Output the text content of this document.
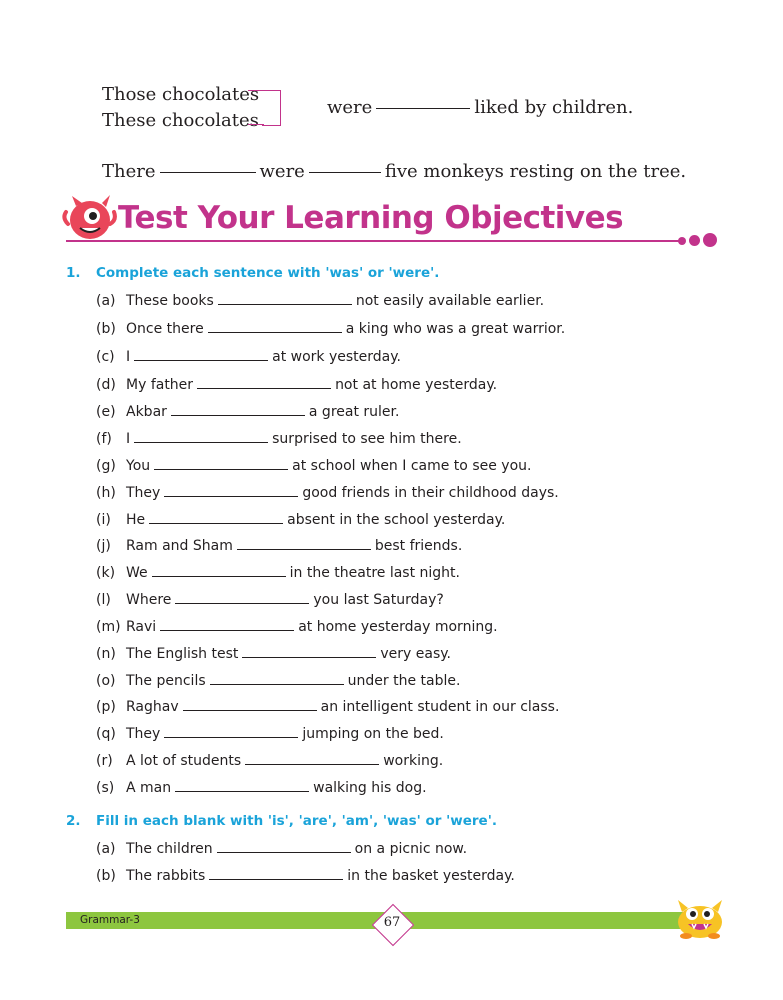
Those chocolates
These chocolates
were	liked by children.
There	were	five monkeys resting on the tree.
Test Your Learning Objectives
1. Complete each sentence with 'was' or 'were'.
(a) These books	not easily available earlier.
(b) Once there	a king who was a great warrior.
(c) I	at work yesterday.
(d) My father	not at home yesterday.
(e) Akbar	a great ruler.
(f) I	surprised to see him there.
(g) You	at school when I came to see you.
(h) They	good friends in their childhood days.
(i) He	absent in the school yesterday.
(j) Ram and Sham	best friends.
(k) We	in the theatre last night.
(l) Where	you last Saturday?
(m) Ravi	at home yesterday morning.
(n) The English test	very easy.
(o) The pencils	under the table.
(p) Raghav	an intelligent student in our class.
(q) They	jumping on the bed.
(r) A lot of students	working.
(s) A man	walking his dog.
2. Fill in each blank with 'is', 'are', 'am', 'was' or 'were'.
(a) The children	on a picnic now.
(b) The rabbits	in the basket yesterday.
Grammar-3	67
